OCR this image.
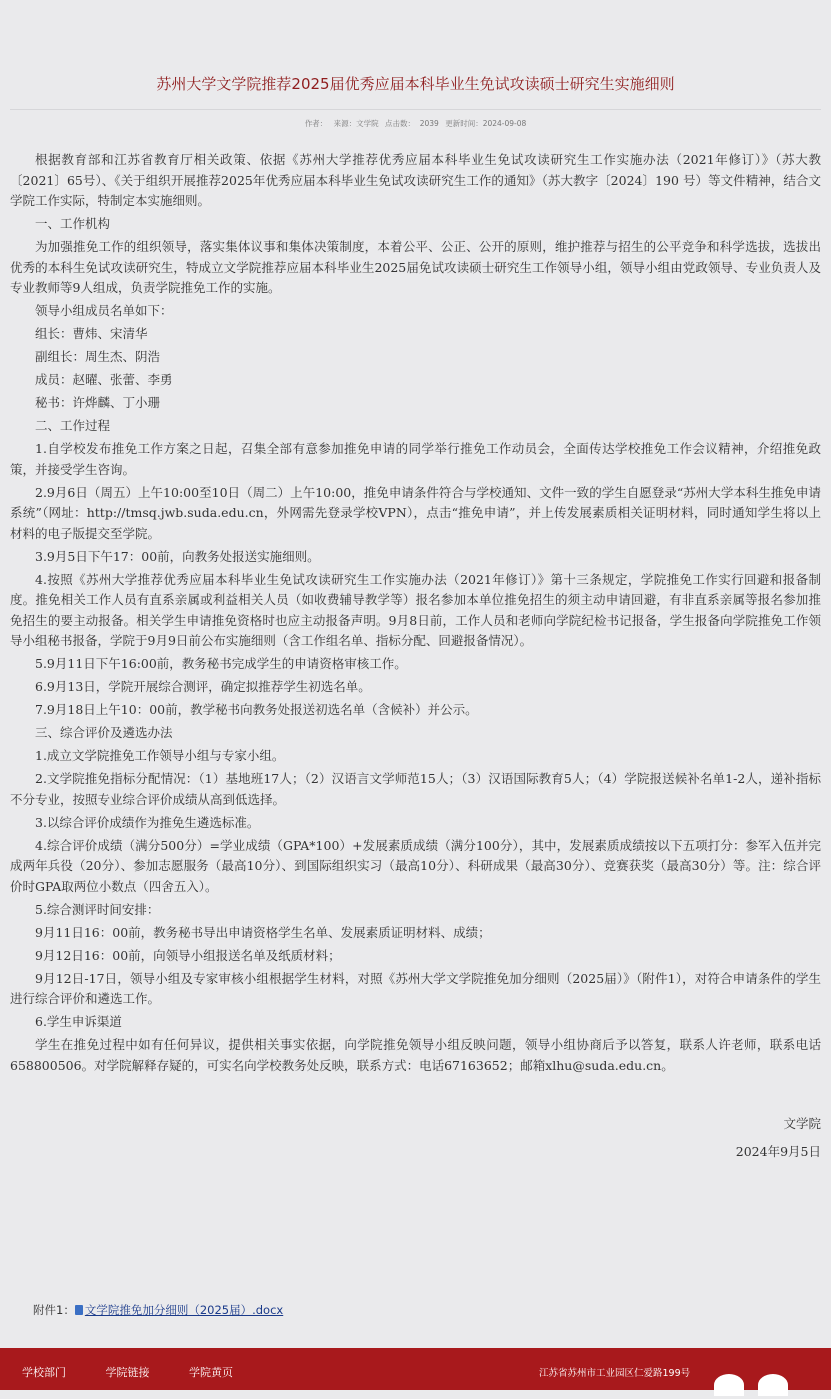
苏州大学文学院推荐2025届优秀应届本科毕业生免试攻读硕士研究生实施细则
作者： 来源：文学院 点击数：  2039 更新时间：2024-09-08

根据教育部和江苏省教育厅相关政策、依据《苏州大学推荐优秀应届本科毕业生免试攻读研究生工作实施办法（2021年修订）》（苏大教〔2021〕65号）、《关于组织开展推荐2025年优秀应届本科毕业生免试攻读研究生工作的通知》（苏大教字〔2024〕190 号）等文件精神，结合文学院工作实际，特制定本实施细则。

一、工作机构

为加强推免工作的组织领导，落实集体议事和集体决策制度，本着公平、公正、公开的原则，维护推荐与招生的公平竞争和科学选拔，选拔出优秀的本科生免试攻读研究生，特成立文学院推荐应届本科毕业生2025届免试攻读硕士研究生工作领导小组，领导小组由党政领导、专业负责人及专业教师等9人组成，负责学院推免工作的实施。

领导小组成员名单如下：

组长：曹炜、宋清华

副组长：周生杰、阴浩

成员：赵曜、张蕾、李勇

秘书：许烨麟、丁小珊

二、工作过程

1.自学校发布推免工作方案之日起，召集全部有意参加推免申请的同学举行推免工作动员会，全面传达学校推免工作会议精神，介绍推免政策，并接受学生咨询。

2.9月6日（周五）上午10:00至10日（周二）上午10:00，推免申请条件符合与学校通知、文件一致的学生自愿登录“苏州大学本科生推免申请系统”（网址：http://tmsq.jwb.suda.edu.cn，外网需先登录学校VPN），点击“推免申请”，并上传发展素质相关证明材料，同时通知学生将以上材料的电子版提交至学院。

3.9月5日下午17：00前，向教务处报送实施细则。

4.按照《苏州大学推荐优秀应届本科毕业生免试攻读研究生工作实施办法（2021年修订）》第十三条规定，学院推免工作实行回避和报备制度。推免相关工作人员有直系亲属或利益相关人员（如收费辅导教学等）报名参加本单位推免招生的须主动申请回避，有非直系亲属等报名参加推免招生的要主动报备。相关学生申请推免资格时也应主动报备声明。9月8日前，工作人员和老师向学院纪检书记报备，学生报备向学院推免工作领导小组秘书报备，学院于9月9日前公布实施细则（含工作组名单、指标分配、回避报备情况）。

5.9月11日下午16:00前，教务秘书完成学生的申请资格审核工作。

6.9月13日，学院开展综合测评，确定拟推荐学生初选名单。

7.9月18日上午10：00前，教学秘书向教务处报送初选名单（含候补）并公示。

三、综合评价及遴选办法

1.成立文学院推免工作领导小组与专家小组。

2.文学院推免指标分配情况：（1）基地班17人；（2）汉语言文学师范15人；（3）汉语国际教育5人；（4）学院报送候补名单1-2人，递补指标不分专业，按照专业综合评价成绩从高到低选择。

3.以综合评价成绩作为推免生遴选标准。

4.综合评价成绩（满分500分）=学业成绩（GPA*100）+发展素质成绩（满分100分），其中，发展素质成绩按以下五项打分：参军入伍并完成两年兵役（20分）、参加志愿服务（最高10分）、到国际组织实习（最高10分）、科研成果（最高30分）、竞赛获奖（最高30分）等。注：综合评价时GPA取两位小数点（四舍五入）。

5.综合测评时间安排：

9月11日16：00前，教务秘书导出申请资格学生名单、发展素质证明材料、成绩；

9月12日16：00前，向领导小组报送名单及纸质材料；

9月12日-17日，领导小组及专家审核小组根据学生材料，对照《苏州大学文学院推免加分细则（2025届）》（附件1），对符合申请条件的学生进行综合评价和遴选工作。

6.学生申诉渠道

学生在推免过程中如有任何异议，提供相关事实依据，向学院推免领导小组反映问题，领导小组协商后予以答复，联系人许老师，联系电话658800506。对学院解释存疑的，可实名向学校教务处反映，联系方式：电话67163652；邮箱xlhu@suda.edu.cn。

文学院

2024年9月5日

附件1： 文学院推免加分细则（2025届）.docx
学校部门	学院链接	学院黄页	江苏省苏州市工业园区仁爱路199号
